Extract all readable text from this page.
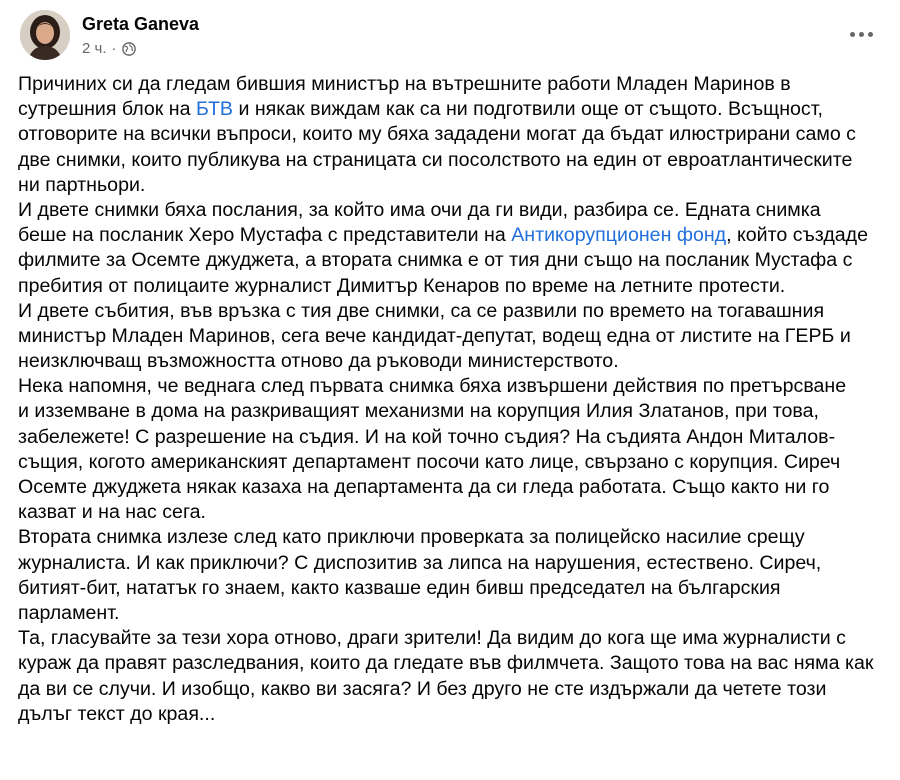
Greta Ganeva
2 ч. ·
Причиних си да гледам бившия министър на вътрешните работи Младен Маринов в
сутрешния блок на БТВ и някак виждам как са ни подготвили още от същото. Всъщност,
отговорите на всички въпроси, които му бяха зададени могат да бъдат илюстрирани само с
две снимки, които публикува на страницата си посолството на един от евроатлантическите
ни партньори.
И двете снимки бяха послания, за който има очи да ги види, разбира се. Едната снимка
беше на посланик Херо Мустафа с представители на Антикорупционен фонд, който създаде
филмите за Осемте джуджета, а втората снимка е от тия дни също на посланик Мустафа с
пребития от полицаите журналист Димитър Кенаров по време на летните протести.
И двете събития, във връзка с тия две снимки, са се развили по времето на тогавашния
министър Младен Маринов, сега вече кандидат-депутат, водещ една от листите на ГЕРБ и
неизключващ възможността отново да ръководи министерството.
Нека напомня, че веднага след първата снимка бяха извършени действия по претърсване
и изземване в дома на разкриващият механизми на корупция Илия Златанов, при това,
забележете! С разрешение на съдия. И на кой точно съдия? На съдията Андон Миталов-
същия, когото американският департамент посочи като лице, свързано с корупция. Сиреч
Осемте джуджета някак казаха на департамента да си гледа работата. Също както ни го
казват и на нас сега.
Втората снимка излезе след като приключи проверката за полицейско насилие срещу
журналиста. И как приключи? С диспозитив за липса на нарушения, естествено. Сиреч,
битият-бит, нататък го знаем, както казваше един бивш председател на българския
парламент.
Та, гласувайте за тези хора отново, драги зрители! Да видим до кога ще има журналисти с
кураж да правят разследвания, които да гледате във филмчета. Защото това на вас няма как
да ви се случи. И изобщо, какво ви засяга? И без друго не сте издържали да четете този
дълъг текст до края...
